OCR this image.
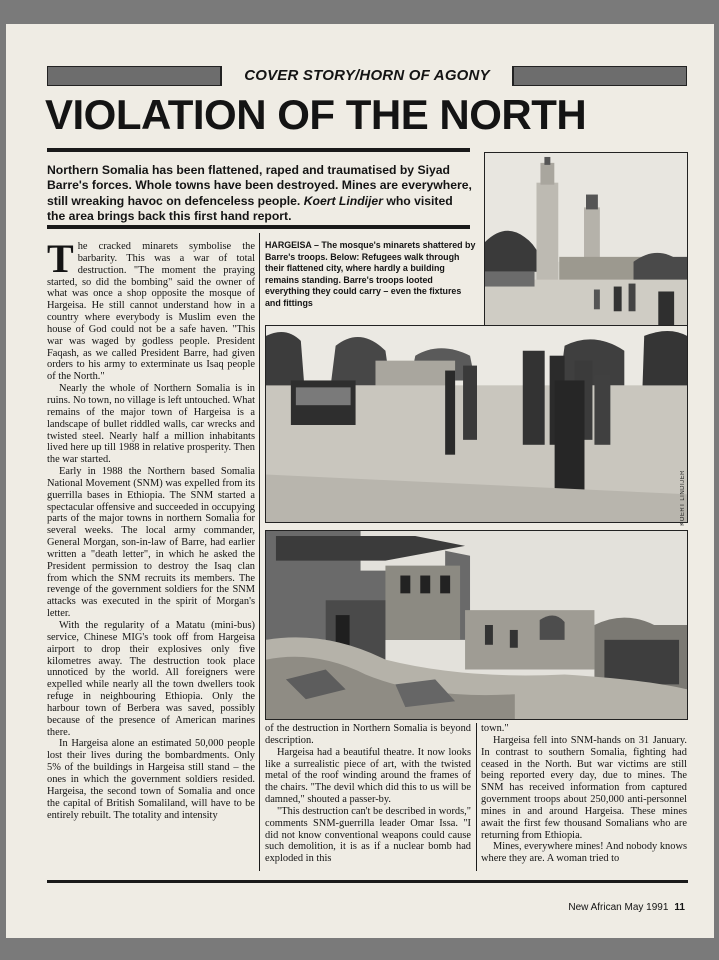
COVER STORY/HORN OF AGONY
VIOLATION OF THE NORTH
Northern Somalia has been flattened, raped and traumatised by Siyad Barre's forces. Whole towns have been destroyed. Mines are everywhere, still wreaking havoc on defenceless people. Koert Lindijer who visited the area brings back this first hand report.
HARGEISA – The mosque's minarets shattered by Barre's troops. Below: Refugees walk through their flattened city, where hardly a building remains standing. Barre's troops looted everything they could carry – even the fixtures and fittings
KOERT LINDIJER

The cracked minarets symbolise the barbarity. This was a war of total destruction. "The moment the praying started, so did the bombing" said the owner of what was once a shop opposite the mosque of Hargeisa. He still cannot understand how in a country where everybody is Muslim even the house of God could not be a safe haven. "This war was waged by godless people. President Faqash, as we called President Barre, had given orders to his army to exterminate us Isaq people of the North."

Nearly the whole of Northern Somalia is in ruins. No town, no village is left untouched. What remains of the major town of Hargeisa is a landscape of bullet riddled walls, car wrecks and twisted steel. Nearly half a million inhabitants lived here up till 1988 in relative prosperity. Then the war started.

Early in 1988 the Northern based Somalia National Movement (SNM) was expelled from its guerrilla bases in Ethiopia. The SNM started a spectacular offensive and succeeded in occupying parts of the major towns in northern Somalia for several weeks. The local army commander, General Morgan, son-in-law of Barre, had earlier written a "death letter", in which he asked the President permission to destroy the Isaq clan from which the SNM recruits its members. The revenge of the government soldiers for the SNM attacks was executed in the spirit of Morgan's letter.

With the regularity of a Matatu (mini-bus) service, Chinese MIG's took off from Hargeisa airport to drop their explosives only five kilometres away. The destruction took place unnoticed by the world. All foreigners were expelled while nearly all the town dwellers took refuge in neighbouring Ethiopia. Only the harbour town of Berbera was saved, possibly because of the presence of American marines there.

In Hargeisa alone an estimated 50,000 people lost their lives during the bombardments. Only 5% of the buildings in Hargeisa still stand – the ones in which the government soldiers resided. Hargeisa, the second town of Somalia and once the capital of British Somaliland, will have to be entirely rebuilt. The totality and intensity

of the destruction in Northern Somalia is beyond description.

Hargeisa had a beautiful theatre. It now looks like a surrealistic piece of art, with the twisted metal of the roof winding around the frames of the chairs. "The devil which did this to us will be damned," shouted a passer-by.

"This destruction can't be described in words," comments SNM-guerrilla leader Omar Issa. "I did not know conventional weapons could cause such demolition, it is as if a nuclear bomb had exploded in this

town."

Hargeisa fell into SNM-hands on 31 January. In contrast to southern Somalia, fighting had ceased in the North. But war victims are still being reported every day, due to mines. The SNM has received information from captured government troops about 250,000 anti-personnel mines in and around Hargeisa. These mines await the first few thousand Somalians who are returning from Ethiopia.

Mines, everywhere mines! And nobody knows where they are. A woman tried to

New African May 1991 11
